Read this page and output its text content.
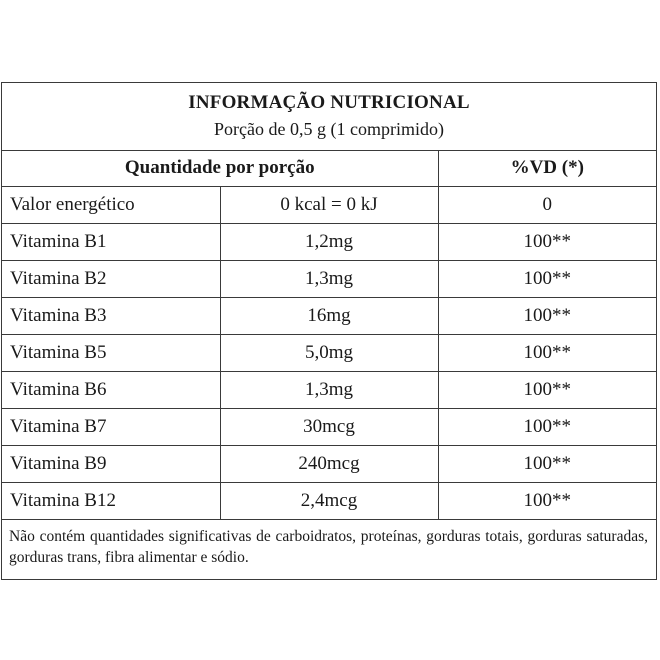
INFORMAÇÃO NUTRICIONAL
Porção de 0,5 g (1 comprimido)
Quantidade por porção		%VD (*)
Valor energético	0 kcal = 0 kJ	0
Vitamina B1	1,2mg	100**
Vitamina B2	1,3mg	100**
Vitamina B3	16mg	100**
Vitamina B5	5,0mg	100**
Vitamina B6	1,3mg	100**
Vitamina B7	30mcg	100**
Vitamina B9	240mcg	100**
Vitamina B12	2,4mcg	100**
Não contém quantidades significativas de carboidratos, proteínas, gorduras totais, gorduras saturadas, gorduras trans, fibra alimentar e sódio.
